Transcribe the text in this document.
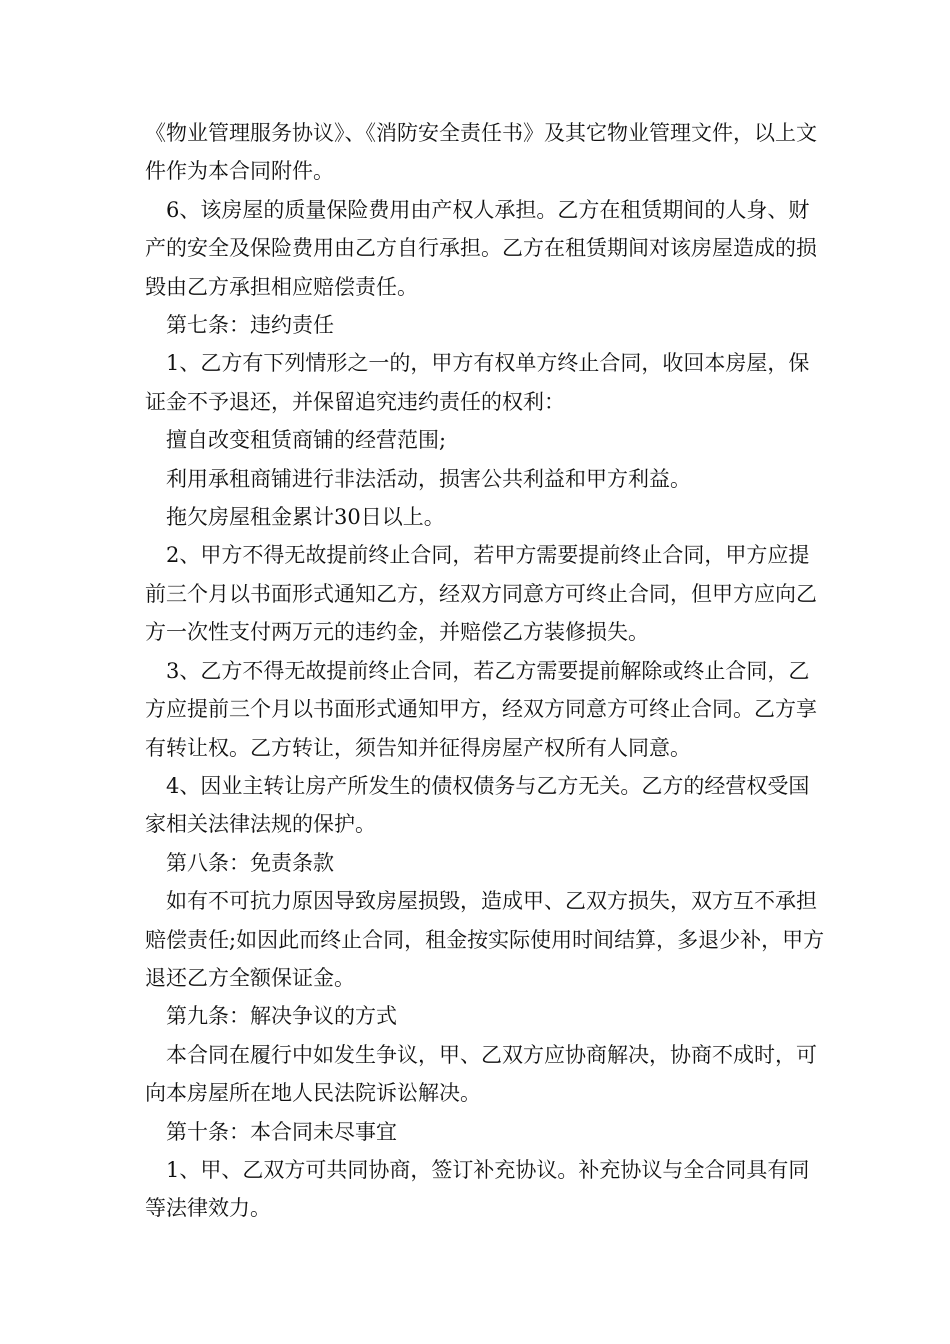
《物业管理服务协议》、《消防安全责任书》及其它物业管理文件，以上文件作为本合同附件。

6、该房屋的质量保险费用由产权人承担。乙方在租赁期间的人身、财产的安全及保险费用由乙方自行承担。乙方在租赁期间对该房屋造成的损毁由乙方承担相应赔偿责任。

第七条：违约责任

1、乙方有下列情形之一的，甲方有权单方终止合同，收回本房屋，保证金不予退还，并保留追究违约责任的权利：

擅自改变租赁商铺的经营范围;

利用承租商铺进行非法活动，损害公共利益和甲方利益。

拖欠房屋租金累计30日以上。

2、甲方不得无故提前终止合同，若甲方需要提前终止合同，甲方应提前三个月以书面形式通知乙方，经双方同意方可终止合同，但甲方应向乙方一次性支付两万元的违约金，并赔偿乙方装修损失。

3、乙方不得无故提前终止合同，若乙方需要提前解除或终止合同，乙方应提前三个月以书面形式通知甲方，经双方同意方可终止合同。乙方享有转让权。乙方转让，须告知并征得房屋产权所有人同意。

4、因业主转让房产所发生的债权债务与乙方无关。乙方的经营权受国家相关法律法规的保护。

第八条：免责条款

如有不可抗力原因导致房屋损毁，造成甲、乙双方损失，双方互不承担赔偿责任;如因此而终止合同，租金按实际使用时间结算，多退少补，甲方退还乙方全额保证金。

第九条：解决争议的方式

本合同在履行中如发生争议，甲、乙双方应协商解决，协商不成时，可向本房屋所在地人民法院诉讼解决。

第十条：本合同未尽事宜

1、甲、乙双方可共同协商，签订补充协议。补充协议与全合同具有同等法律效力。
